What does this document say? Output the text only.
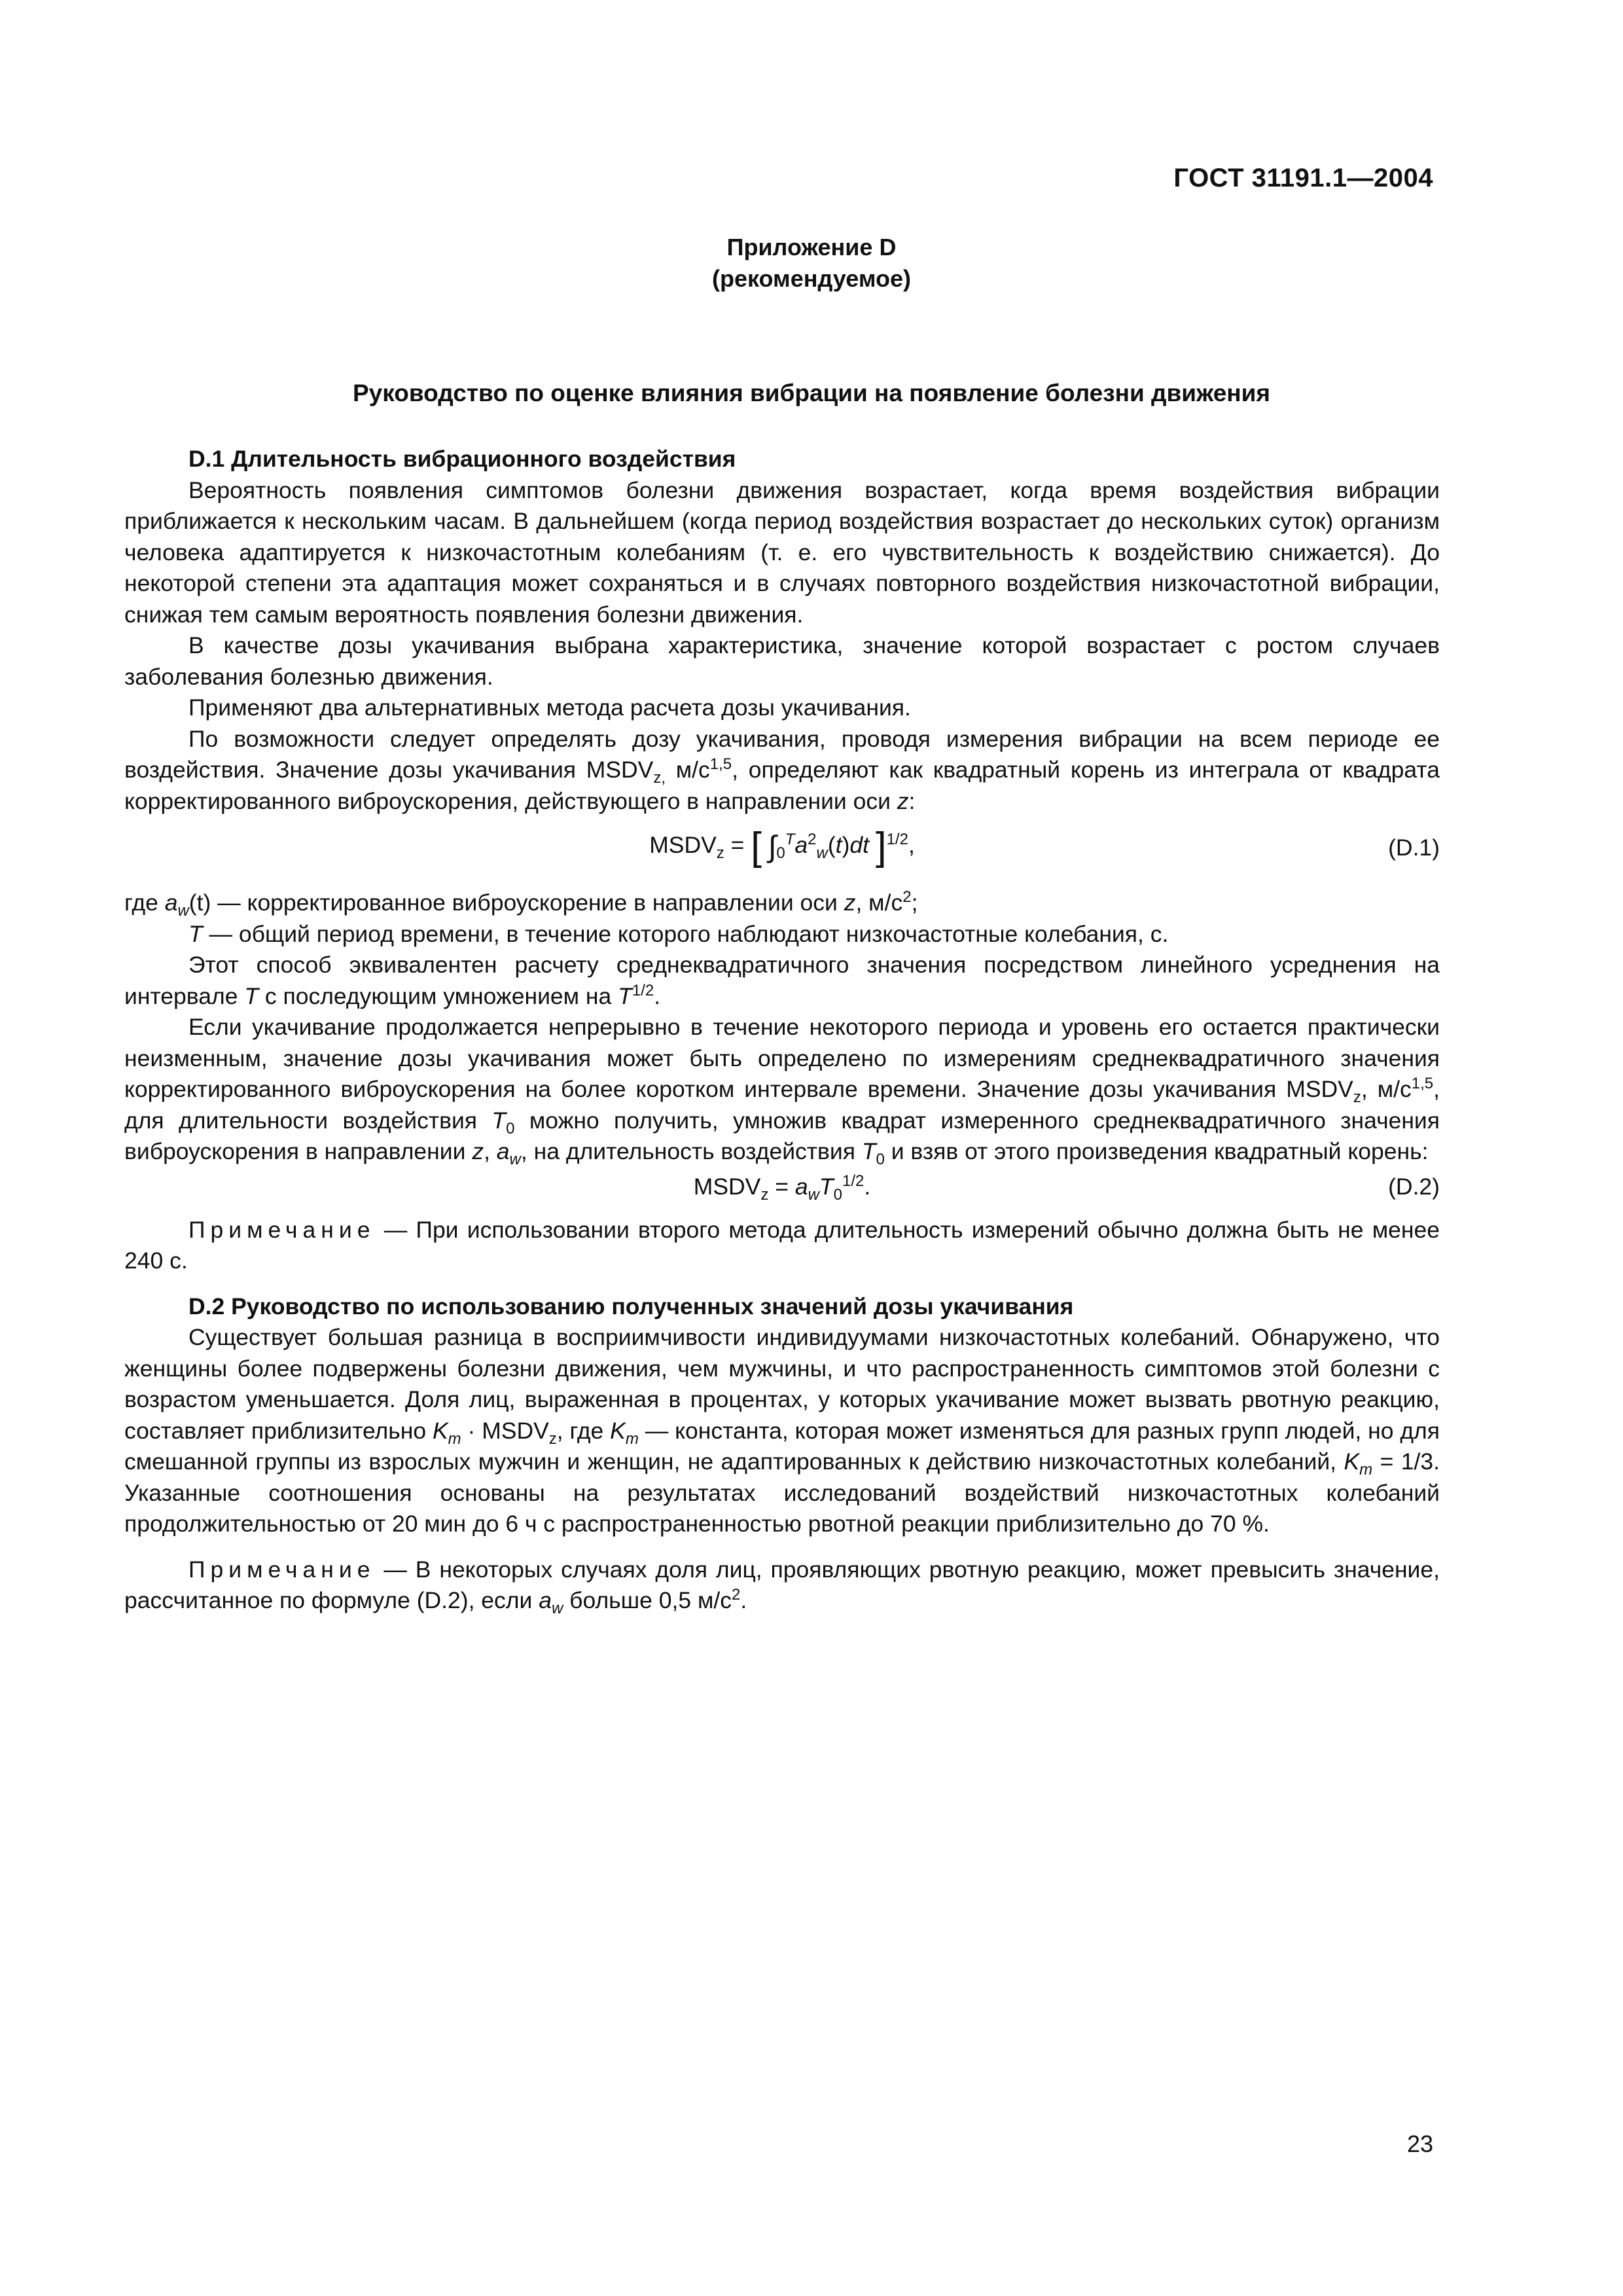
ГОСТ 31191.1—2004
Приложение D
(рекомендуемое)
Руководство по оценке влияния вибрации на появление болезни движения
D.1 Длительность вибрационного воздействия

Вероятность появления симптомов болезни движения возрастает, когда время воздействия вибрации приближается к нескольким часам. В дальнейшем (когда период воздействия возрастает до нескольких суток) организм человека адаптируется к низкочастотным колебаниям (т. е. его чувствительность к воздействию снижается). До некоторой степени эта адаптация может сохраняться и в случаях повторного воздействия низкочастотной вибрации, снижая тем самым вероятность появления болезни движения.

В качестве дозы укачивания выбрана характеристика, значение которой возрастает с ростом случаев заболевания болезнью движения.

Применяют два альтернативных метода расчета дозы укачивания.

По возможности следует определять дозу укачивания, проводя измерения вибрации на всем периоде ее воздействия. Значение дозы укачивания $MSDV_{z,}$ $м/с^{1,5}$, определяют как квадратный корень из интеграла от квадрата корректированного виброускорения, действующего в направлении оси z:

$MSDV_z$ = [ $\int_0^Ta^2_w(t)dt$ ]$^{1/2}$,	(D.1)

где $a_w(t)$ — корректированное виброускорение в направлении оси z, $м/с^2$;

T — общий период времени, в течение которого наблюдают низкочастотные колебания, с.

Этот способ эквивалентен расчету среднеквадратичного значения посредством линейного усреднения на интервале T с последующим умножением на $T^{1/2}$.

Если укачивание продолжается непрерывно в течение некоторого периода и уровень его остается практически неизменным, значение дозы укачивания может быть определено по измерениям среднеквадратичного значения корректированного виброускорения на более коротком интервале времени. Значение дозы укачивания $MSDV_z$, $м/с^{1,5}$, для длительности воздействия $T_0$ можно получить, умножив квадрат измеренного среднеквадратичного значения виброускорения в направлении z, $a_w$, на длительность воздействия $T_0$ и взяв от этого произведения квадратный корень:

$MSDV_z = a_wT_0^{1/2}$.	(D.2)

Примечание — При использовании второго метода длительность измерений обычно должна быть не менее 240 с.

D.2 Руководство по использованию полученных значений дозы укачивания

Существует большая разница в восприимчивости индивидуумами низкочастотных колебаний. Обнаружено, что женщины более подвержены болезни движения, чем мужчины, и что распространенность симптомов этой болезни с возрастом уменьшается. Доля лиц, выраженная в процентах, у которых укачивание может вызвать рвотную реакцию, составляет приблизительно $K_m$ · $MSDV_z$, где $K_m$ — константа, которая может изменяться для разных групп людей, но для смешанной группы из взрослых мужчин и женщин, не адаптированных к действию низкочастотных колебаний, $K_m = 1/3$. Указанные соотношения основаны на результатах исследований воздействий низкочастотных колебаний продолжительностью от 20 мин до 6 ч с распространенностью рвотной реакции приблизительно до 70 %.

Примечание — В некоторых случаях доля лиц, проявляющих рвотную реакцию, может превысить значение, рассчитанное по формуле (D.2), если $a_w$ больше 0,5 $м/с^2$.

23
